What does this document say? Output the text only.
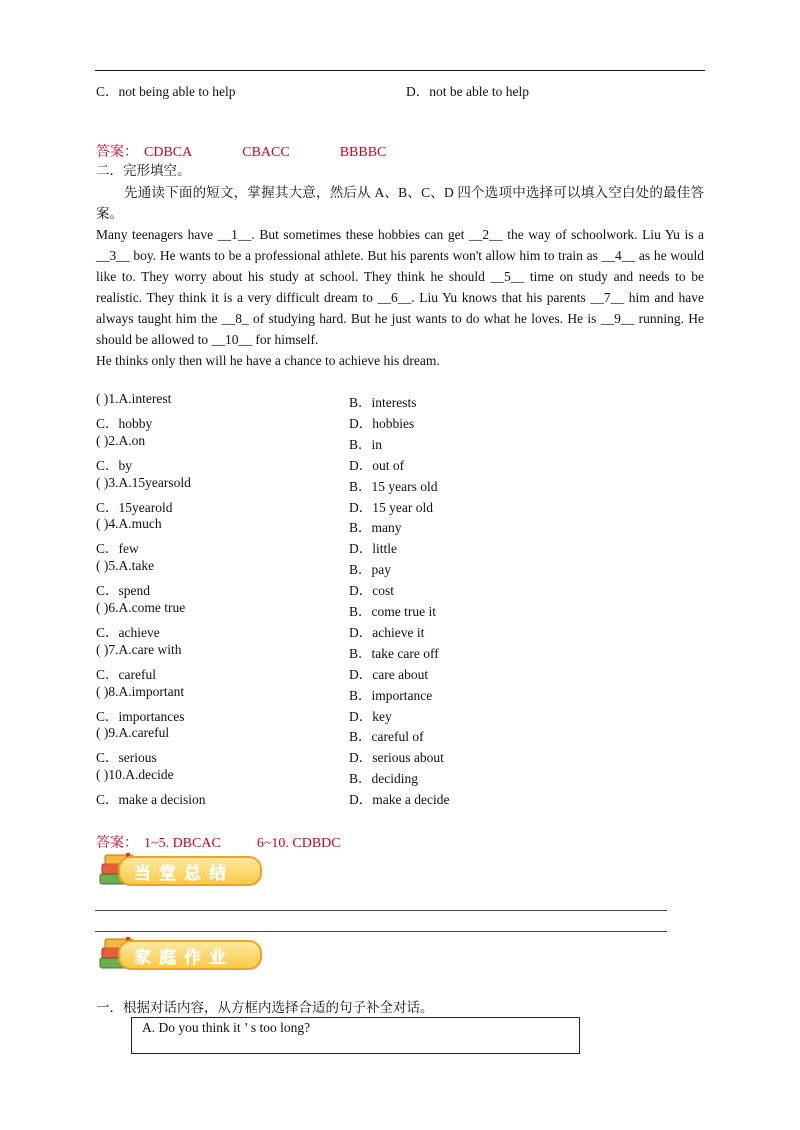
C．not being able to help	D．not be able to help
答案： CDBCA	CBACC	BBBBC
二．完形填空。

先通读下面的短文，掌握其大意，然后从 A、B、C、D 四个选项中选择可以填入空白处的最佳答案。

Many teenagers have __1__. But sometimes these hobbies can get __2__ the way of schoolwork. Liu Yu is a __3__ boy. He wants to be a professional athlete. But his parents won't allow him to train as __4__ as he would like to. They worry about his study at school. They think he should __5__ time on study and needs to be realistic. They think it is a very difficult dream to __6__. Liu Yu knows that his parents __7__ him and have always taught him the __8_ of studying hard. But he just wants to do what he loves. He is __9__ running. He should be allowed to __10__ for himself.

He thinks only then will he have a chance to achieve his dream.

( )1.A.interest	B．interests
C．hobby	D．hobbies
( )2.A.on	B．in
C．by	D．out of
( )3.A.15yearsold	B．15 years old
C．15yearold	D．15 year old
( )4.A.much	B．many
C．few	D．little
( )5.A.take	B．pay
C．spend	D．cost
( )6.A.come true	B．come true it
C．achieve	D．achieve it
( )7.A.care with	B．take care off
C．careful	D．care about
( )8.A.important	B．importance
C．importances	D．key
( )9.A.careful	B．careful of
C．serious	D．serious about
( )10.A.decide	B．deciding
C．make a decision	D．make a decide
答案： 1~5. DBCAC	6~10. CDBDC
当堂总结
家庭作业
一．根据对话内容，从方框内选择合适的句子补全对话。
A. Do you think it ’ s too long?
